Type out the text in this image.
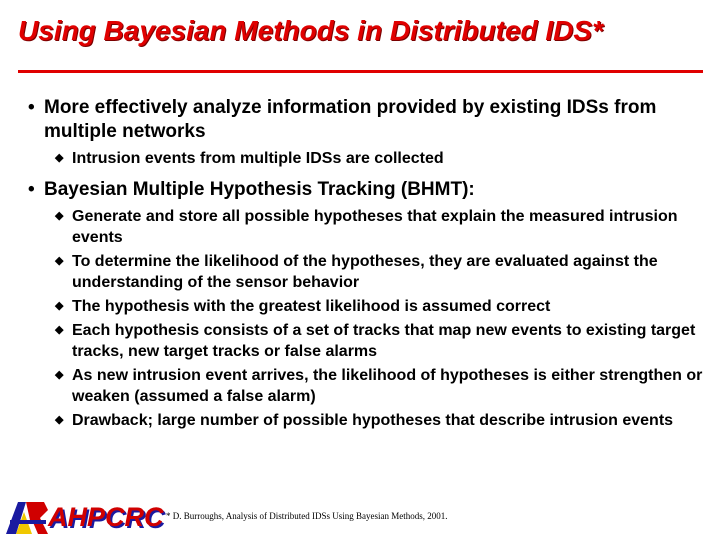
Using Bayesian Methods in Distributed IDS*

• More effectively analyze information provided by existing IDSs from multiple networks

◆ Intrusion events from multiple IDSs are collected

• Bayesian Multiple Hypothesis Tracking (BHMT):

◆ Generate and store all possible hypotheses that explain the measured intrusion events

◆ To determine the likelihood of the hypotheses, they are evaluated against the understanding of the sensor behavior

◆ The hypothesis with the greatest likelihood is assumed correct

◆ Each hypothesis consists of a set of tracks that map new events to existing target tracks, new target tracks or false alarms

◆ As new intrusion event arrives, the likelihood of hypotheses is either strengthen or weaken (assumed a false alarm)

◆ Drawback; large number of possible hypotheses that describe intrusion events

AHPCRC * D. Burroughs, Analysis of Distributed IDSs Using Bayesian Methods, 2001.
